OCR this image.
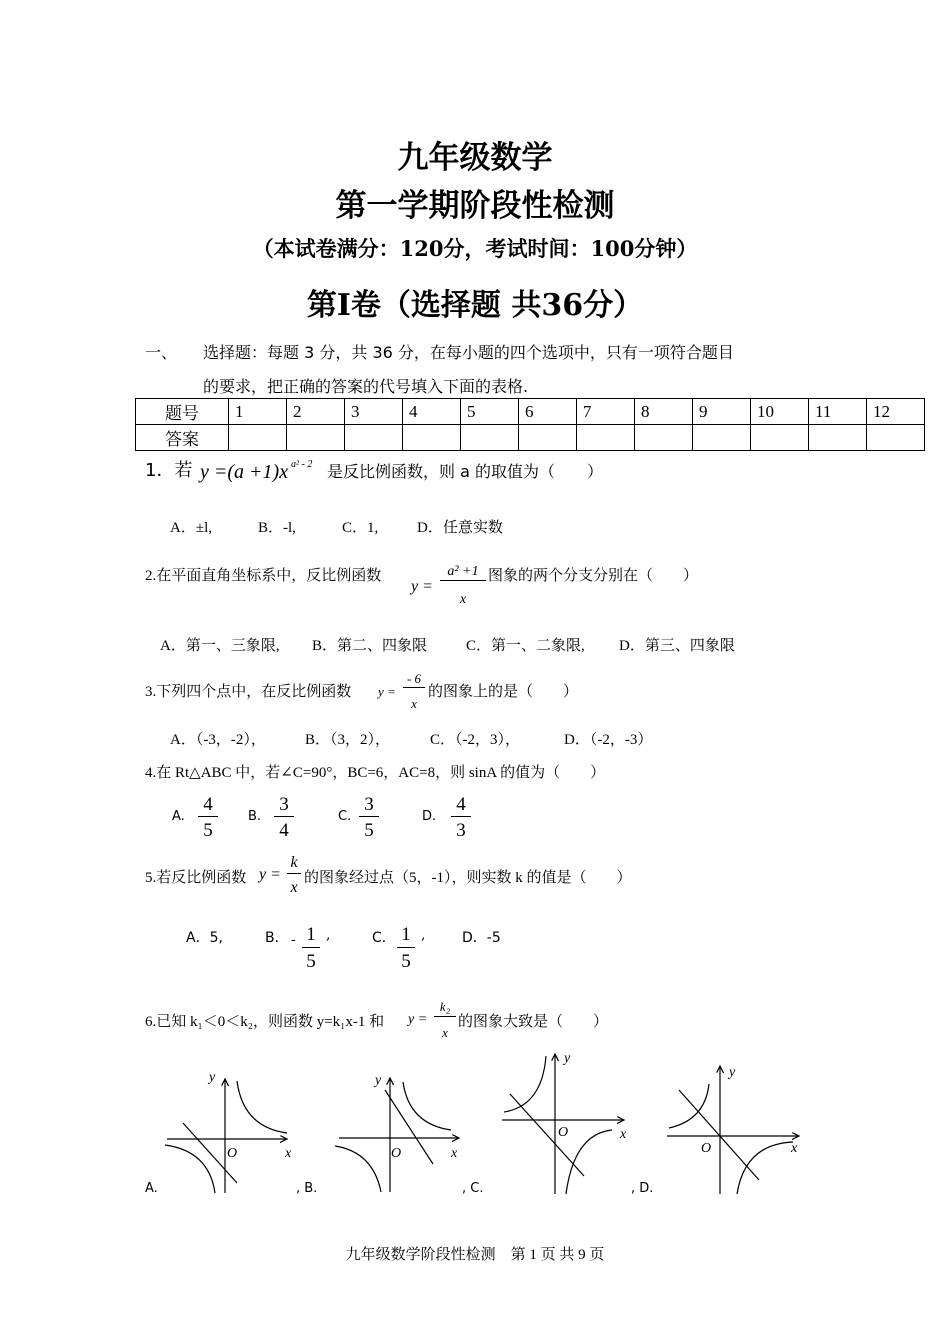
九年级数学
第一学期阶段性检测
（本试卷满分：120分，考试时间：100分钟）
第Ⅰ卷（选择题 共36分）
一、 选择题：每题 3 分，共 36 分，在每小题的四个选项中，只有一项符合题目
的要求，把正确的答案的代号填入下面的表格.
题号	1	2	3	4	5	6	7	8	9	10	11	12
答案												
1．若 y =(a +1)x a² - 2 是反比例函数，则 a 的取值为（　　）
A．±l,	B．-l,	C．1,	D．任意实数
2.在平面直角坐标系中，反比例函数
y =
a² +1
x
图象的两个分支分别在（　　）
A．第一、三象限, B．第二、四象限	C．第一、二象限, D．第三、四象限
3.下列四个点中，在反比例函数 y =
- 6
x
的图象上的是（　　）
A．（-3，-2），	B．（3，2），	C．（-2，3），	D．（-2，-3）
4.在 Rt△ABC 中，若∠C=90°，BC=6，AC=8，则 sinA 的值为（　　）
A.
4
5
B.
3
4
C.
3
5
D.
4
3
5.若反比例函数 y =
k
x
的图象经过点（5，-1），则实数 k 的值是（　　）
A．5,	B． - 1
5
,	C． 1
5
,	D．-5
6.已知 k₁＜0＜k₂，则函数 y=k₁x-1 和 y =
k₂
x
的图象大致是（　　）
y
x
O
y
x
O
y
x
O
y
x
O
A.	, B.	, C.	, D.
九年级数学阶段性检测　第 1 页 共 9 页
